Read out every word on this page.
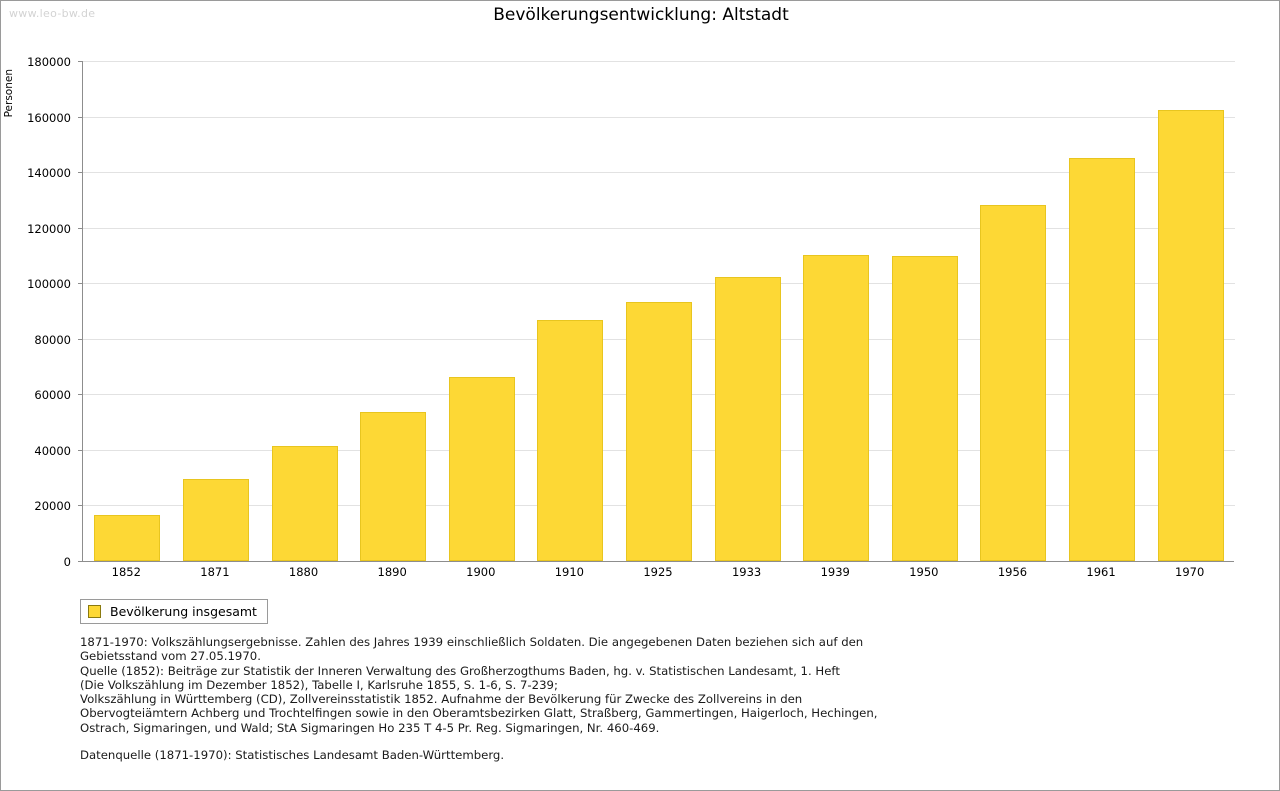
www.leo-bw.de	Bevölkerungsentwicklung: Altstadt
Personen
0
20000
40000
60000
80000
100000
120000
140000
160000
180000
1852	1871	1880	1890	1900	1910	1925	1933	1939	1950	1956	1961	1970
Bevölkerung insgesamt

1871-1970: Volkszählungsergebnisse. Zahlen des Jahres 1939 einschließlich Soldaten. Die angegebenen Daten beziehen sich auf den

Gebietsstand vom 27.05.1970.

Quelle (1852): Beiträge zur Statistik der Inneren Verwaltung des Großherzogthums Baden, hg. v. Statistischen Landesamt, 1. Heft

(Die Volkszählung im Dezember 1852), Tabelle I, Karlsruhe 1855, S. 1-6, S. 7-239;

Volkszählung in Württemberg (CD), Zollvereinsstatistik 1852. Aufnahme der Bevölkerung für Zwecke des Zollvereins in den

Obervogteiämtern Achberg und Trochtelfingen sowie in den Oberamtsbezirken Glatt, Straßberg, Gammertingen, Haigerloch, Hechingen,

Ostrach, Sigmaringen, und Wald; StA Sigmaringen Ho 235 T 4-5 Pr. Reg. Sigmaringen, Nr. 460-469.

Datenquelle (1871-1970): Statistisches Landesamt Baden-Württemberg.
